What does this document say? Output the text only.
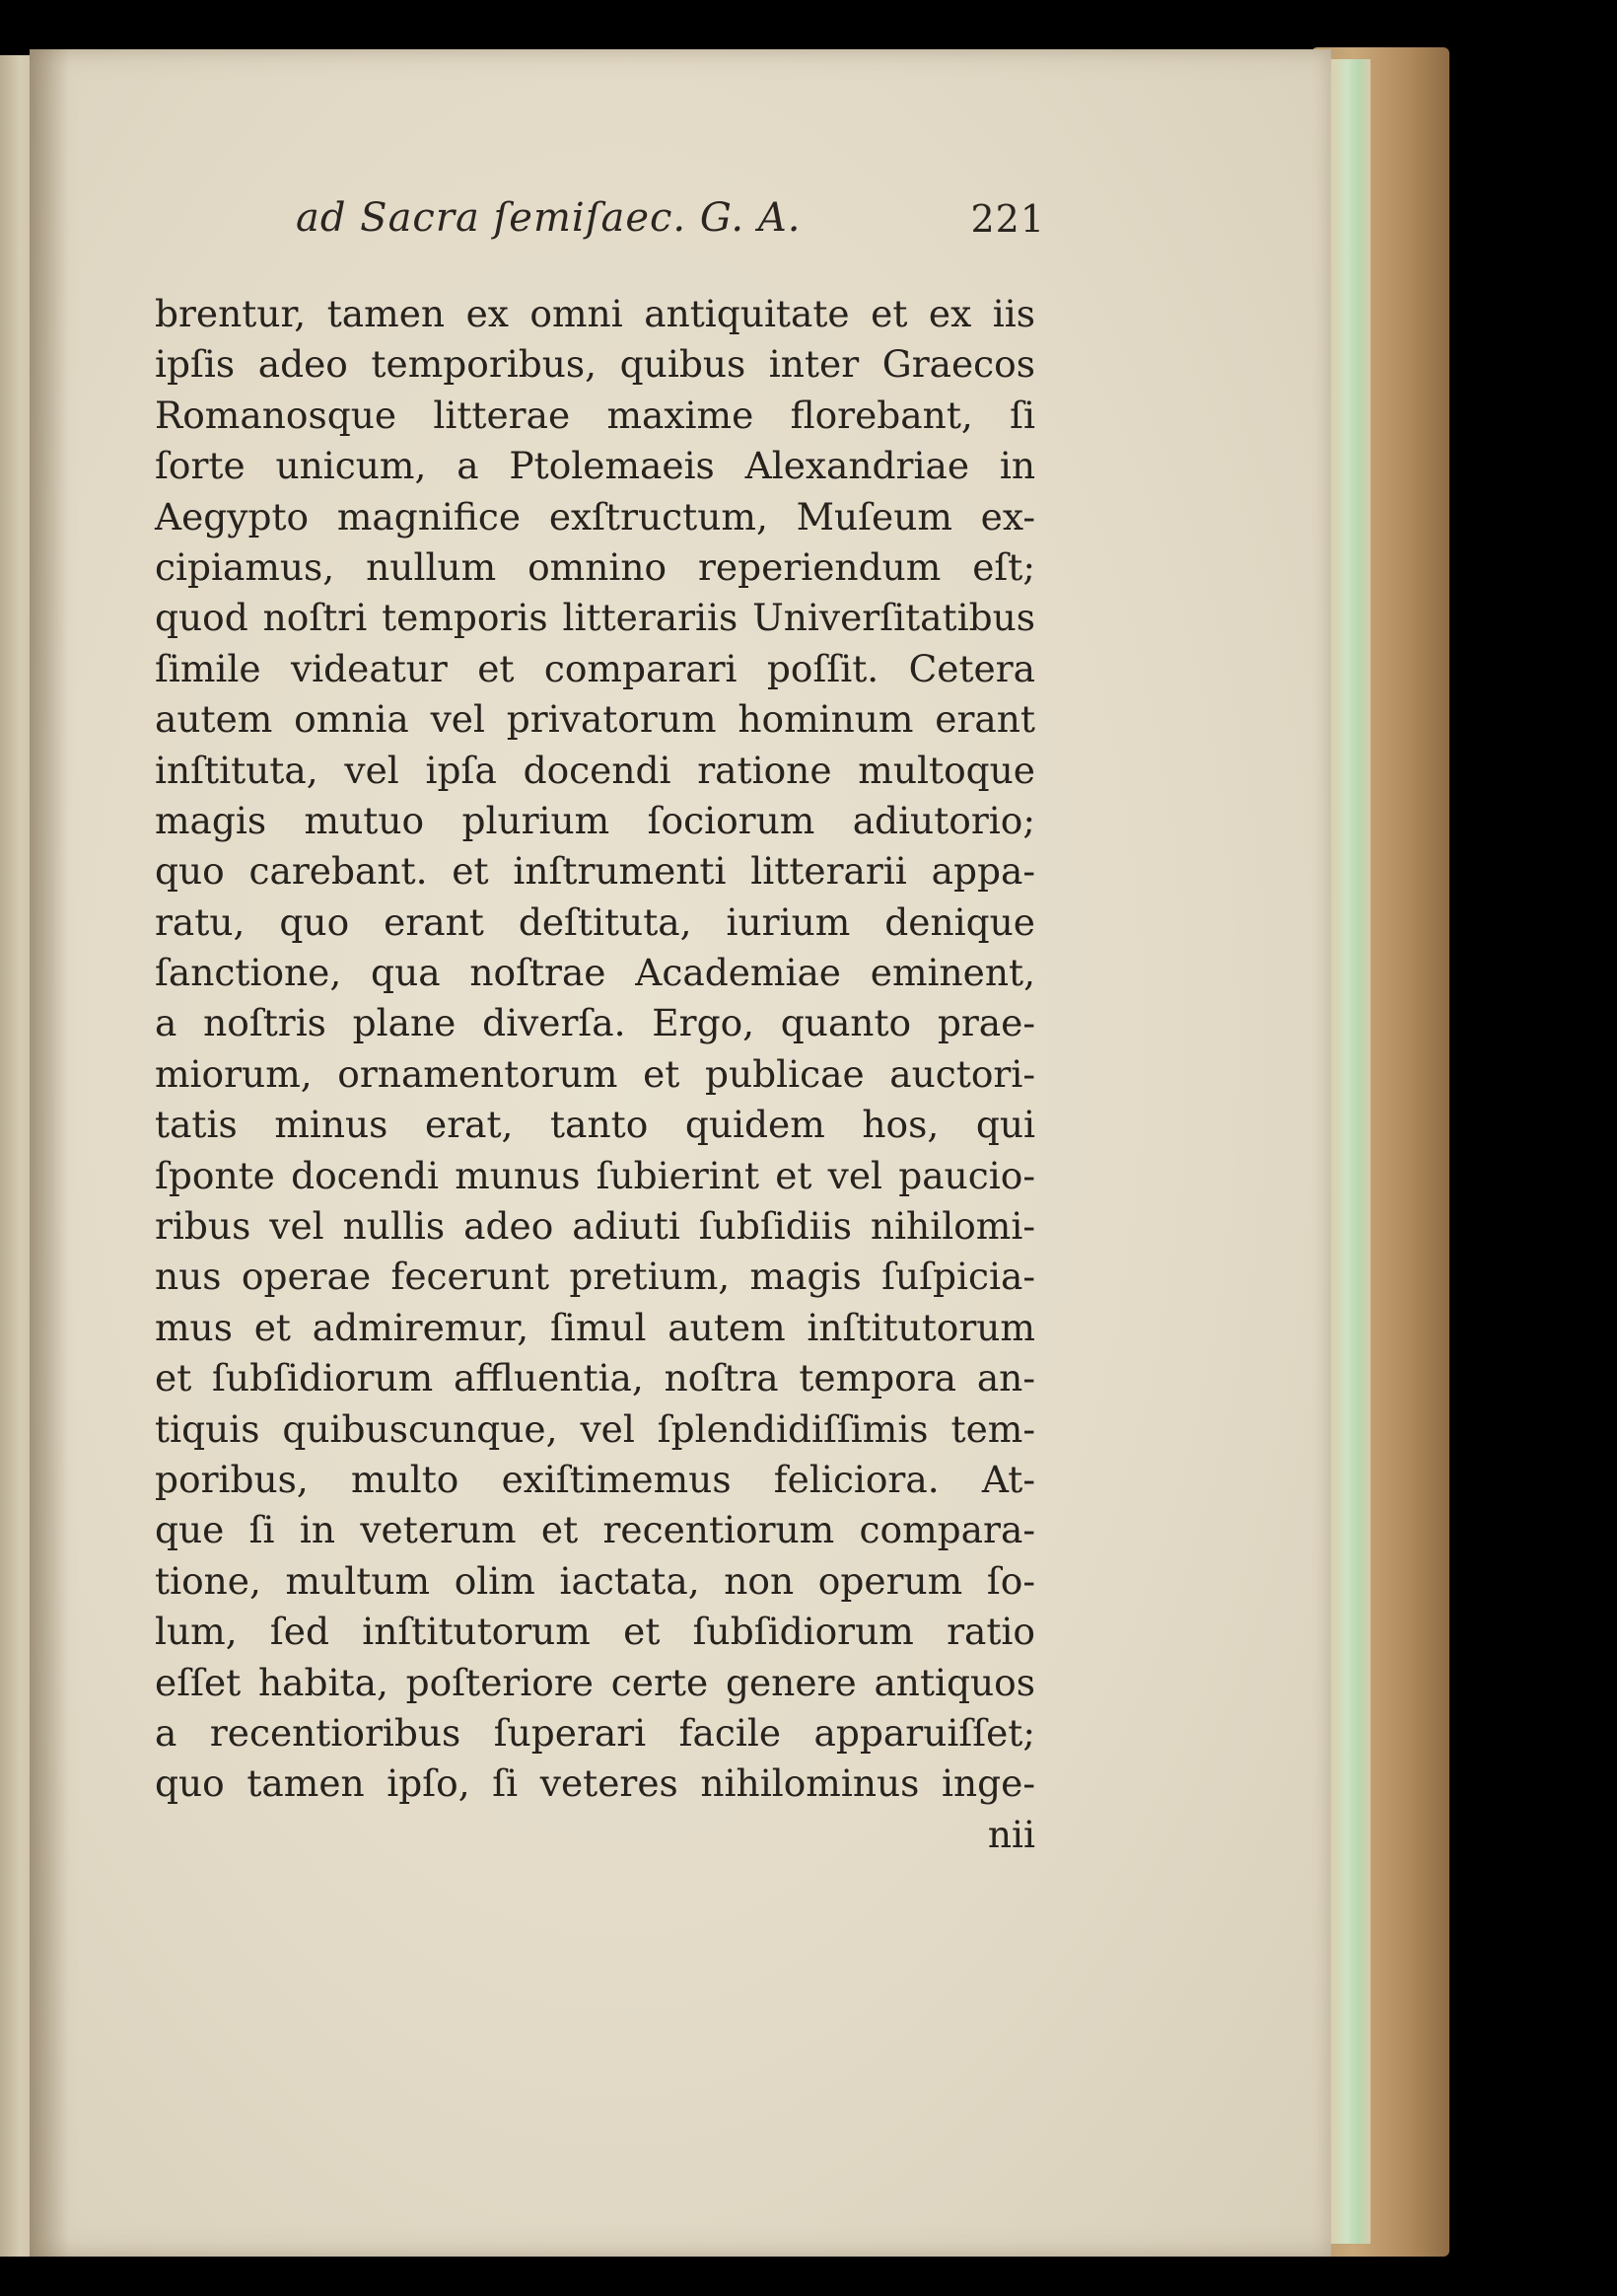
ad Sacra ſemiſaec. G. A.	221
brentur, tamen ex omni antiquitate et ex iis
ipſis adeo temporibus, quibus inter Graecos
Romanosque litterae maxime florebant, ſi
ſorte unicum, a Ptolemaeis Alexandriae in
Aegypto magnifice exſtructum, Muſeum ex-
cipiamus, nullum omnino reperiendum eſt;
quod noſtri temporis litterariis Univerſitatibus
ſimile videatur et comparari poſſit. Cetera
autem omnia vel privatorum hominum erant
inſtituta, vel ipſa docendi ratione multoque
magis mutuo plurium ſociorum adiutorio;
quo carebant. et inſtrumenti litterarii appa-
ratu, quo erant deſtituta, iurium denique
ſanctione, qua noſtrae Academiae eminent,
a noſtris plane diverſa. Ergo, quanto prae-
miorum, ornamentorum et publicae auctori-
tatis minus erat, tanto quidem hos, qui
ſponte docendi munus ſubierint et vel paucio-
ribus vel nullis adeo adiuti ſubſidiis nihilomi-
nus operae fecerunt pretium, magis ſuſpicia-
mus et admiremur, ſimul autem inſtitutorum
et ſubſidiorum affluentia, noſtra tempora an-
tiquis quibuscunque, vel ſplendidiſſimis tem-
poribus, multo exiſtimemus feliciora. At-
que ſi in veterum et recentiorum compara-
tione, multum olim iactata, non operum ſo-
lum, ſed inſtitutorum et ſubſidiorum ratio
eſſet habita, poſteriore certe genere antiquos
a recentioribus ſuperari facile apparuiſſet;
quo tamen ipſo, ſi veteres nihilominus inge-
nii
